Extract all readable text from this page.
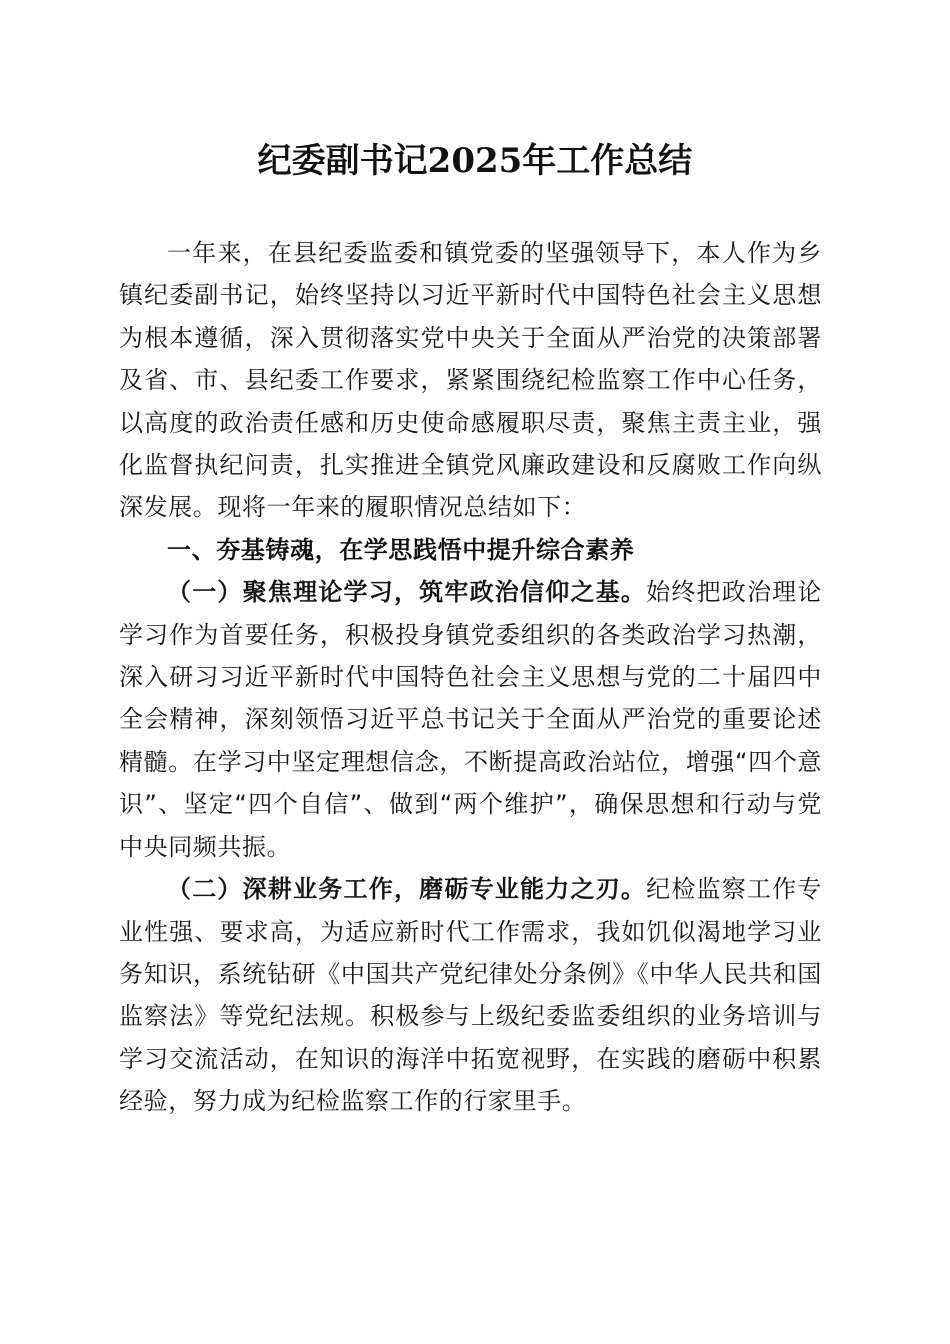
纪委副书记2025年工作总结

一年来，在县纪委监委和镇党委的坚强领导下，本人作为乡镇纪委副书记，始终坚持以习近平新时代中国特色社会主义思想为根本遵循，深入贯彻落实党中央关于全面从严治党的决策部署及省、市、县纪委工作要求，紧紧围绕纪检监察工作中心任务，以高度的政治责任感和历史使命感履职尽责，聚焦主责主业，强化监督执纪问责，扎实推进全镇党风廉政建设和反腐败工作向纵深发展。现将一年来的履职情况总结如下：

一、夯基铸魂，在学思践悟中提升综合素养

（一）聚焦理论学习，筑牢政治信仰之基。始终把政治理论学习作为首要任务，积极投身镇党委组织的各类政治学习热潮，深入研习习近平新时代中国特色社会主义思想与党的二十届四中全会精神，深刻领悟习近平总书记关于全面从严治党的重要论述精髓。在学习中坚定理想信念，不断提高政治站位，增强“四个意识”、坚定“四个自信”、做到“两个维护”，确保思想和行动与党中央同频共振。

（二）深耕业务工作，磨砺专业能力之刃。纪检监察工作专业性强、要求高，为适应新时代工作需求，我如饥似渴地学习业务知识，系统钻研《中国共产党纪律处分条例》《中华人民共和国监察法》等党纪法规。积极参与上级纪委监委组织的业务培训与学习交流活动，在知识的海洋中拓宽视野，在实践的磨砺中积累经验，努力成为纪检监察工作的行家里手。
